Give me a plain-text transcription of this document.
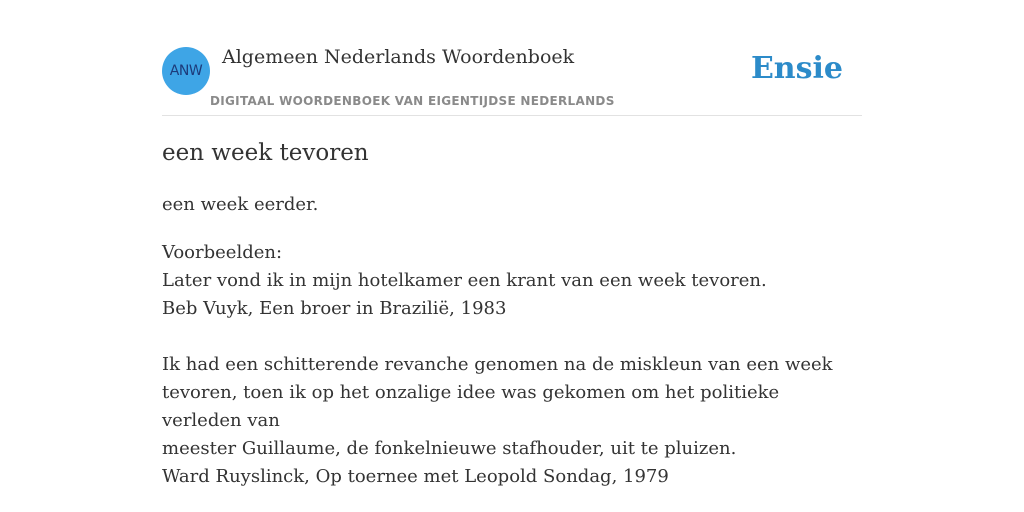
ANW
Algemeen Nederlands Woordenboek
DIGITAAL WOORDENBOEK VAN EIGENTIJDSE NEDERLANDS
Ensie
een week tevoren
een week eerder.
Voorbeelden:
Later vond ik in mijn hotelkamer een krant van een week tevoren.
Beb Vuyk, Een broer in Brazilië, 1983
Ik had een schitterende revanche genomen na de miskleun van een week
tevoren, toen ik op het onzalige idee was gekomen om het politieke verleden van
meester Guillaume, de fonkelnieuwe stafhouder, uit te pluizen.
Ward Ruyslinck, Op toernee met Leopold Sondag, 1979
